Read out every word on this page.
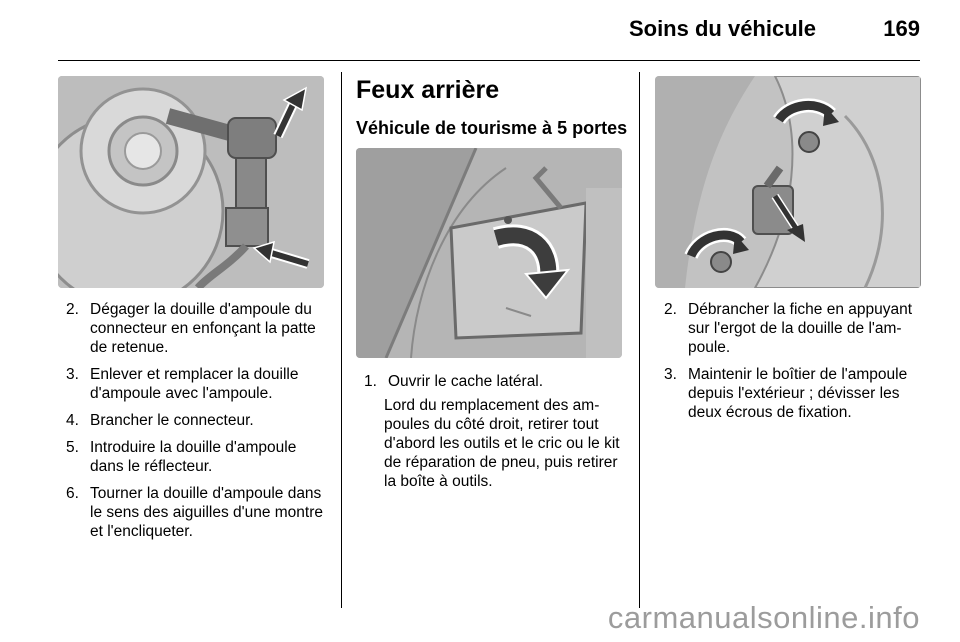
Soins du véhicule	169
2. Dégager la douille d'ampoule du connecteur en enfonçant la patte de retenue.
3. Enlever et remplacer la douille d'ampoule avec l'ampoule.
4. Brancher le connecteur.
5. Introduire la douille d'ampoule dans le réflecteur.
6. Tourner la douille d'ampoule dans le sens des aiguilles d'une montre et l'encliqueter.
Feux arrière
Véhicule de tourisme à 5 portes
1. Ouvrir le cache latéral.
Lord du remplacement des ampoules du côté droit, retirer tout d'abord les outils et le cric ou le kit de réparation de pneu, puis retirer la boîte à outils.
2. Débrancher la fiche en appuyant sur l'ergot de la douille de l'ampoule.
3. Maintenir le boîtier de l'ampoule depuis l'extérieur ; dévisser les deux écrous de fixation.
carmanualsonline.info
